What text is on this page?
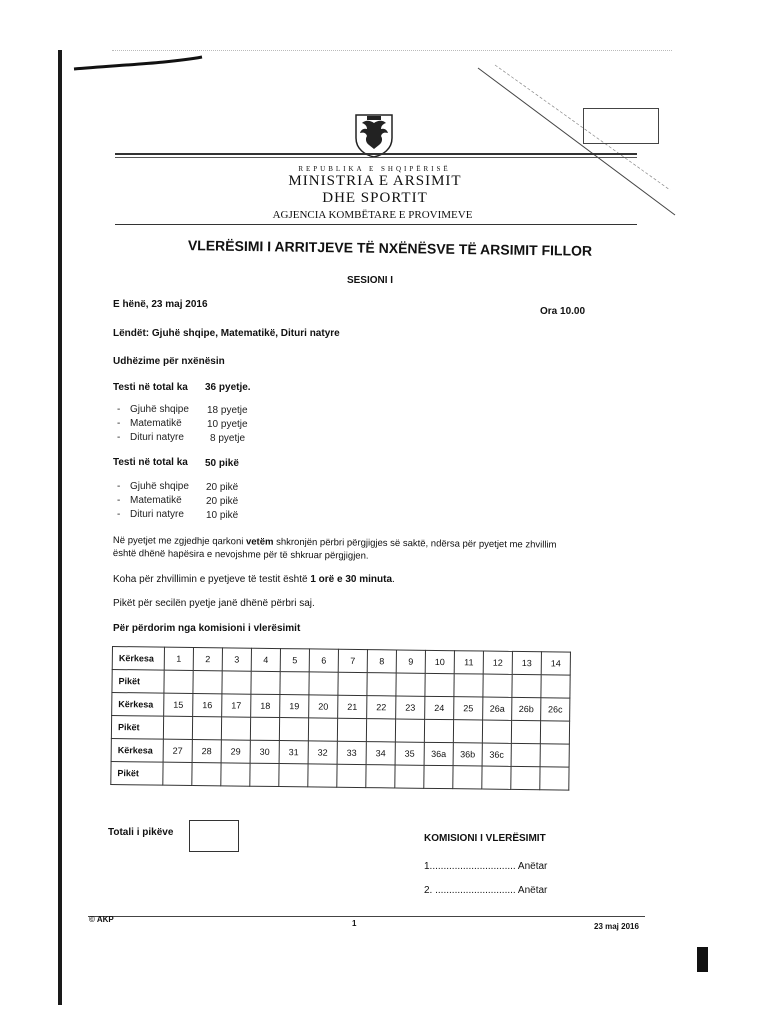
REPUBLIKA E SHQIPËRISË
MINISTRIA E ARSIMIT
DHE SPORTIT
AGJENCIA KOMBËTARE E PROVIMEVE
VLERËSIMI I ARRITJEVE TË NXËNËSVE TË ARSIMIT FILLOR
SESIONI I
E hënë, 23 maj 2016
Ora 10.00
Lëndët: Gjuhë shqipe, Matematikë, Dituri natyre
Udhëzime për nxënësin
Testi në total ka 36 pyetje.
- Gjuhë shqipe 18 pyetje
- Matematikë	10 pyetje
- Dituri natyre	8 pyetje
Testi në total ka 50 pikë
- Gjuhë shqipe 20 pikë
- Matematikë 20 pikë
- Dituri natyre 10 pikë
Në pyetjet me zgjedhje qarkoni vetëm shkronjën përbri përgjigjes së saktë, ndërsa për pyetjet me zhvillim
është dhënë hapësira e nevojshme për të shkruar përgjigjen.
Koha për zhvillimin e pyetjeve të testit është 1 orë e 30 minuta.
Pikët për secilën pyetje janë dhënë përbri saj.
Për përdorim nga komisioni i vlerësimit
Kërkesa	1	2	3	4	5	6	7	8	9	10	11	12	13	14
Pikët														
Kërkesa	15	16	17	18	19	20	21	22	23	24	25	26a	26b	26c
Pikët														
Kërkesa	27	28	29	30	31	32	33	34	35	36a	36b	36c		
Pikët														
Totali i pikëve
KOMISIONI I VLERËSIMIT
1............................... Anëtar
2. ............................. Anëtar
© AKP	1	23 maj 2016
